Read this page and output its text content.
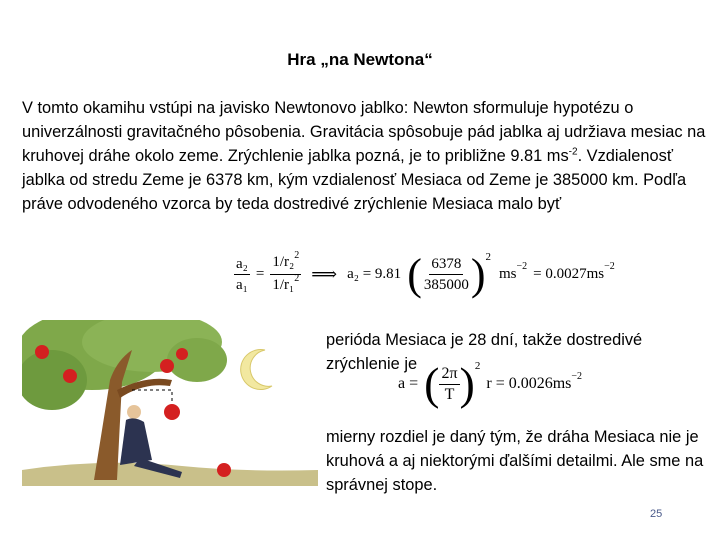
Hra „na Newtona“
V tomto okamihu vstúpi na javisko Newtonovo jablko: Newton sformuluje hypotézu o univerzálnosti gravitačného pôsobenia. Gravitácia spôsobuje pád jablka aj udržiava mesiac na kruhovej dráhe okolo zeme. Zrýchlenie jablka pozná, je to približne 9.81 $ms^{-2}$. Vzdialenosť jablka od stredu Zeme je 6378 km, kým vzdialenosť Mesiaca od Zeme je 385000 km. Podľa práve odvodeného vzorca by teda dostredivé zrýchlenie Mesiaca malo byť
$\frac{\text{a₂}}{\text{a₁}} = \frac{1/r_2^2}{1/r_1^2}$ ⟹ a₂ = 9.81 ( $\frac{6378}{385000}$ ) 2
ms −2 = 0.0027ms −2
perióda Mesiaca je 28 dní, takže dostredivé zrýchlenie je
a = ( $\frac{2\pi}{T}$ ) 2
r = 0.0026ms −2
mierny rozdiel je daný tým, že dráha Mesiaca nie je kruhová a aj niektorými ďalšími detailmi. Ale sme na správnej stope.
25
